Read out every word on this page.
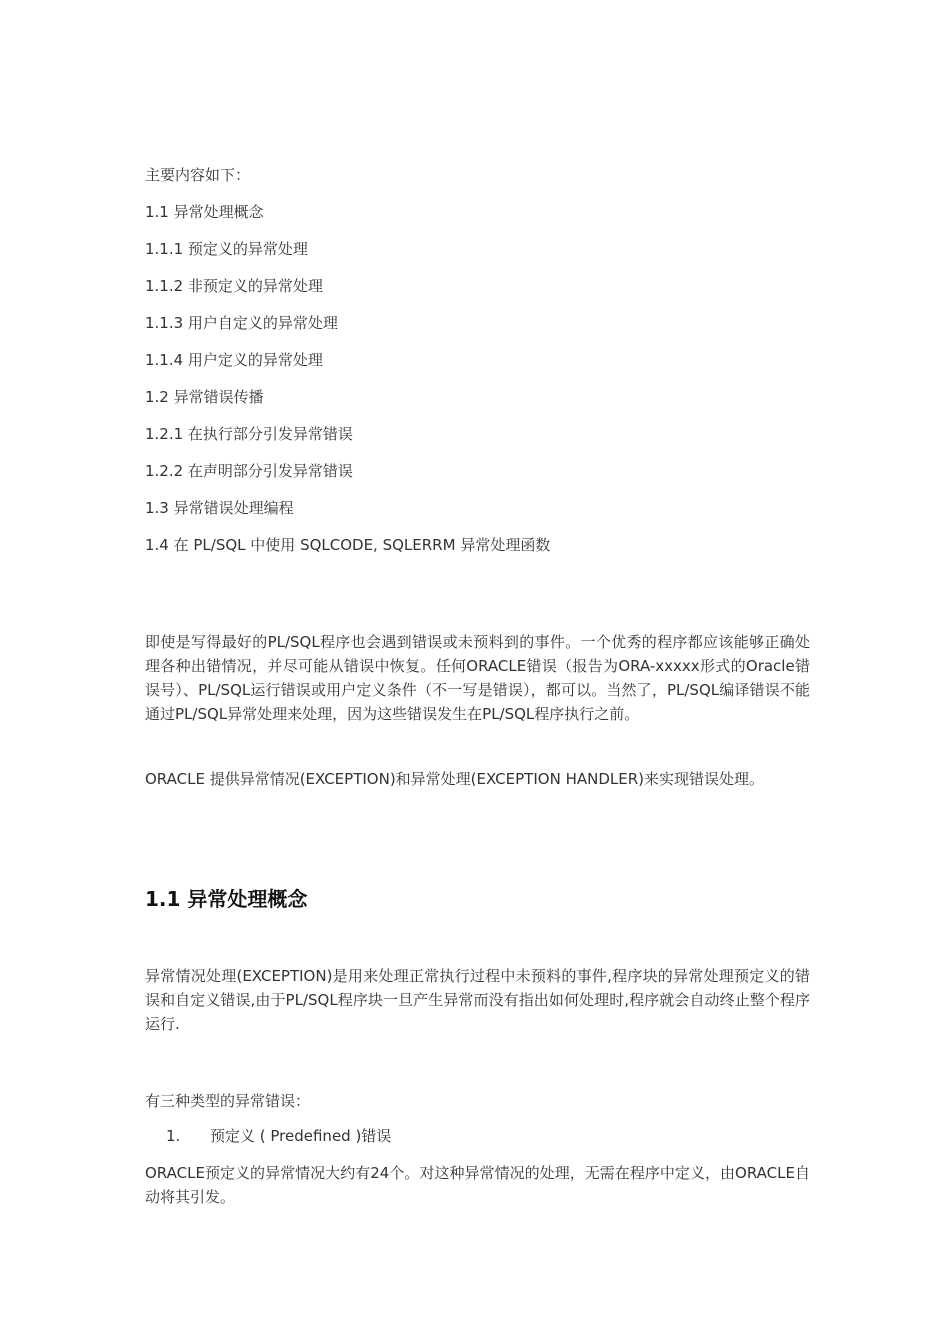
主要内容如下：
1.1 异常处理概念
1.1.1 预定义的异常处理
1.1.2 非预定义的异常处理
1.1.3 用户自定义的异常处理
1.1.4 用户定义的异常处理
1.2 异常错误传播
1.2.1 在执行部分引发异常错误
1.2.2 在声明部分引发异常错误
1.3 异常错误处理编程
1.4 在 PL/SQL 中使用 SQLCODE, SQLERRM 异常处理函数

即使是写得最好的PL/SQL程序也会遇到错误或未预料到的事件。一个优秀的程序都应该能够正确处理各种出错情况，并尽可能从错误中恢复。任何ORACLE错误（报告为ORA-xxxxx形式的Oracle错误号）、PL/SQL运行错误或用户定义条件（不一写是错误），都可以。当然了，PL/SQL编译错误不能通过PL/SQL异常处理来处理，因为这些错误发生在PL/SQL程序执行之前。

ORACLE 提供异常情况(EXCEPTION)和异常处理(EXCEPTION HANDLER)来实现错误处理。

1.1 异常处理概念

异常情况处理(EXCEPTION)是用来处理正常执行过程中未预料的事件,程序块的异常处理预定义的错误和自定义错误,由于PL/SQL程序块一旦产生异常而没有指出如何处理时,程序就会自动终止整个程序运行.

有三种类型的异常错误：

1. 预定义 ( Predefined )错误

ORACLE预定义的异常情况大约有24个。对这种异常情况的处理，无需在程序中定义，由ORACLE自动将其引发。
